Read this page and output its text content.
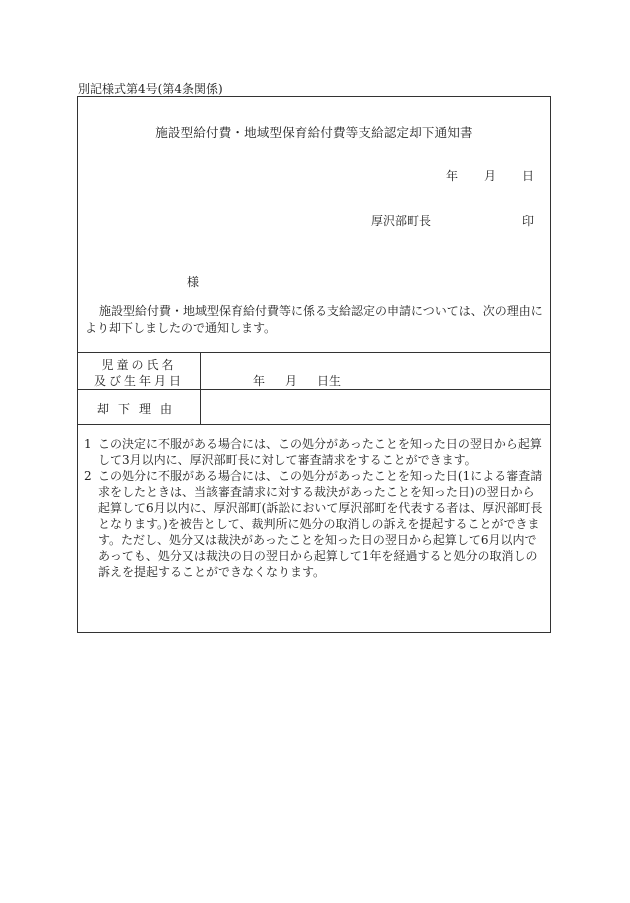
別記様式第4号(第4条関係)
施設型給付費・地域型保育給付費等支給認定却下通知書
年 月 日
厚沢部町長	印
様
施設型給付費・地域型保育給付費等に係る支給認定の申請については、次の理由により却下しましたので通知します。
児童の氏名
及び生年月日	年 月 日生
却下理由
1 この決定に不服がある場合には、この処分があったことを知った日の翌日から起算して3月以内に、厚沢部町長に対して審査請求をすることができます。
2 この処分に不服がある場合には、この処分があったことを知った日(1による審査請求をしたときは、当該審査請求に対する裁決があったことを知った日)の翌日から起算して6月以内に、厚沢部町(訴訟において厚沢部町を代表する者は、厚沢部町長となります。)を被告として、裁判所に処分の取消しの訴えを提起することができます。ただし、処分又は裁決があったことを知った日の翌日から起算して6月以内であっても、処分又は裁決の日の翌日から起算して1年を経過すると処分の取消しの訴えを提起することができなくなります。
